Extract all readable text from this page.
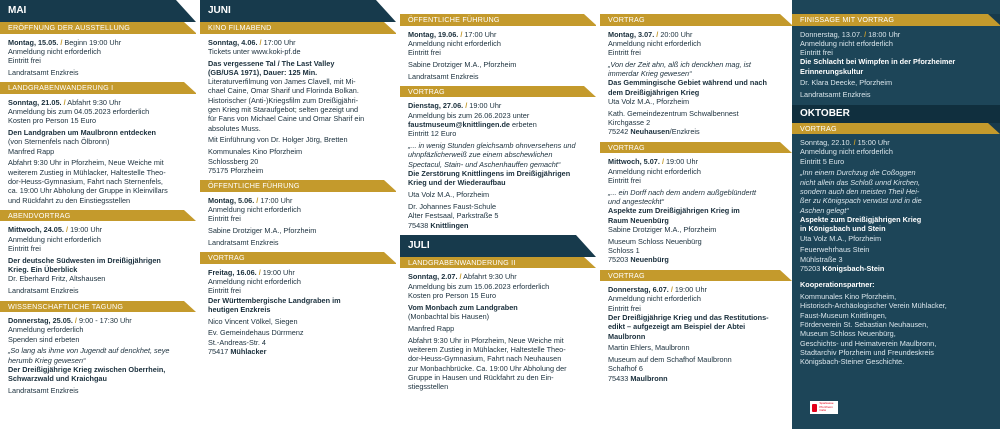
MAI
ERÖFFNUNG DER AUSSTELLUNG

Montag, 15.05. / Beginn 19:00 Uhr

Anmeldung nicht erforderlich

Eintritt frei

Landratsamt Enzkreis

LANDGRABENWANDERUNG I

Sonntag, 21.05. / Abfahrt 9:30 Uhr

Anmeldung bis zum 04.05.2023 erforderlich

Kosten pro Person 15 Euro

Den Landgraben um Maulbronn entdecken

(von Sternenfels nach Ölbronn)

Manfred Rapp

Abfahrt 9:30 Uhr in Pforzheim, Neue Weiche mit

weiterem Zustieg in Mühlacker, Haltestelle Theo-

dor-Heuss-Gymnasium, Fahrt nach Sternenfels,

ca. 19:00 Uhr Abholung der Gruppe in Kleinvillars

und Rückfahrt zu den Einstiegsstellen

ABENDVORTRAG

Mittwoch, 24.05. / 19:00 Uhr

Anmeldung nicht erforderlich

Eintritt frei

Der deutsche Südwesten im Dreißigjährigen

Krieg. Ein Überblick

Dr. Eberhard Fritz, Altshausen

Landratsamt Enzkreis

WISSENSCHAFTLICHE TAGUNG

Donnerstag, 25.05. / 9:00 - 17:30 Uhr

Anmeldung erforderlich

Spenden sind erbeten

„So lang als ihme von Jugendt auf denckhet, seye

herumb Krieg gewesen“

Der Dreißigjährige Krieg zwischen Oberrhein,

Schwarzwald und Kraichgau

Landratsamt Enzkreis

JUNI
KINO FILMABEND

Sonntag, 4.06. / 17:00 Uhr

Tickets unter www.koki-pf.de

Das vergessene Tal / The Last Valley

(GB/USA 1971), Dauer: 125 Min.

Literaturverfilmung von James Clavell, mit Mi-

chael Caine, Omar Sharif und Florinda Bolkan.

Historischer (Anti-)Kriegsfilm zum Dreißigjähri-

gen Krieg mit Staraufgebot; selten gezeigt und

für Fans von Michael Caine und Omar Sharif ein

absolutes Muss.

Mit Einführung von Dr. Holger Jörg, Bretten

Kommunales Kino Pforzheim

Schlossberg 20

75175 Pforzheim

ÖFFENTLICHE FÜHRUNG

Montag, 5.06. / 17:00 Uhr

Anmeldung nicht erforderlich

Eintritt frei

Sabine Drotziger M.A., Pforzheim

Landratsamt Enzkreis

VORTRAG

Freitag, 16.06. / 19:00 Uhr

Anmeldung nicht erforderlich

Eintritt frei

Der Württembergische Landgraben im

heutigen Enzkreis

Nico Vincent Völkel, Siegen

Ev. Gemeindehaus Dürrmenz

St.-Andreas-Str. 4

75417 Mühlacker

ÖFFENTLICHE FÜHRUNG

Montag, 19.06. / 17:00 Uhr

Anmeldung nicht erforderlich

Eintritt frei

Sabine Drotziger M.A., Pforzheim

Landratsamt Enzkreis

VORTRAG

Dienstag, 27.06. / 19:00 Uhr

Anmeldung bis zum 26.06.2023 unter

faustmuseum@knittlingen.de erbeten

Eintritt 12 Euro

„... in wenig Stunden gleichsamb ohnversehens und

uhnpfäzlicherweiß zue einem abschewlichen

Spectacul, Stain- und Aschenhauffen gemacht“

Die Zerstörung Knittlingens im Dreißigjährigen

Krieg und der Wiederaufbau

Uta Volz M.A., Pforzheim

Dr. Johannes Faust-Schule

Alter Festsaal, Parkstraße 5

75438 Knittlingen

JULI
LANDGRABENWANDERUNG II

Sonntag, 2.07. / Abfahrt 9:30 Uhr

Anmeldung bis zum 15.06.2023 erforderlich

Kosten pro Person 15 Euro

Vom Monbach zum Landgraben

(Monbachtal bis Hausen)

Manfred Rapp

Abfahrt 9:30 Uhr in Pforzheim, Neue Weiche mit

weiterem Zustieg in Mühlacker, Haltestelle Theo-

dor-Heuss-Gymnasium, Fahrt nach Neuhausen

zur Monbachbrücke. Ca. 19:00 Uhr Abholung der

Gruppe in Hausen und Rückfahrt zu den Ein-

stiegsstellen

VORTRAG

Montag, 3.07. / 20:00 Uhr

Anmeldung nicht erforderlich

Eintritt frei

„Von der Zeit ahn, alß ich denckhen mag, ist

immerdar Krieg gewesen“

Das Gemmingische Gebiet während und nach

dem Dreißigjährigen Krieg

Uta Volz M.A., Pforzheim

Kath. Gemeindezentrum Schwalbennest

Kirchgasse 2

75242 Neuhausen/Enzkreis

VORTRAG

Mittwoch, 5.07. / 19:00 Uhr

Anmeldung nicht erforderlich

Eintritt frei

„... ein Dorff nach dem andern außgeblündertt

und angesteckht“

Aspekte zum Dreißigjährigen Krieg im

Raum Neuenbürg

Sabine Drotziger M.A., Pforzheim

Museum Schloss Neuenbürg

Schloss 1

75203 Neuenbürg

VORTRAG

Donnerstag, 6.07. / 19:00 Uhr

Anmeldung nicht erforderlich

Eintritt frei

Der Dreißigjährige Krieg und das Restitutions-

edikt – aufgezeigt am Beispiel der Abtei

Maulbronn

Martin Ehlers, Maulbronn

Museum auf dem Schafhof Maulbronn

Schafhof 6

75433 Maulbronn

FINISSAGE MIT VORTRAG

Donnerstag, 13.07. / 18:00 Uhr

Anmeldung nicht erforderlich

Eintritt frei

Die Schlacht bei Wimpfen in der Pforzheimer

Erinnerungskultur

Dr. Klara Deecke, Pforzheim

Landratsamt Enzkreis

OKTOBER
VORTRAG

Sonntag, 22.10. / 15:00 Uhr

Anmeldung nicht erforderlich

Eintritt 5 Euro

„Inn einem Durchzug die Coßoggen

nicht allein das Schloß unnd Kirchen,

sondern auch den meisten Theil Hei-

ßer zu Königspach verwüst und in die

Aschen gelegt“

Aspekte zum Dreißigjährigen Krieg

in Königsbach und Stein

Uta Volz M.A., Pforzheim

Feuerwehrhaus Stein

Mühlstraße 3

75203 Königsbach-Stein

Kooperationspartner:

Kommunales Kino Pforzheim,

Historisch-Archäologischer Verein Mühlacker,

Faust-Museum Knittlingen,

Förderverein St. Sebastian Neuhausen,

Museum Schloss Neuenbürg,

Geschichts- und Heimatverein Maulbronn,

Stadtarchiv Pforzheim und Freundeskreis

Königsbach-Steiner Geschichte.

Sparkasse
Pforzheim Calw
